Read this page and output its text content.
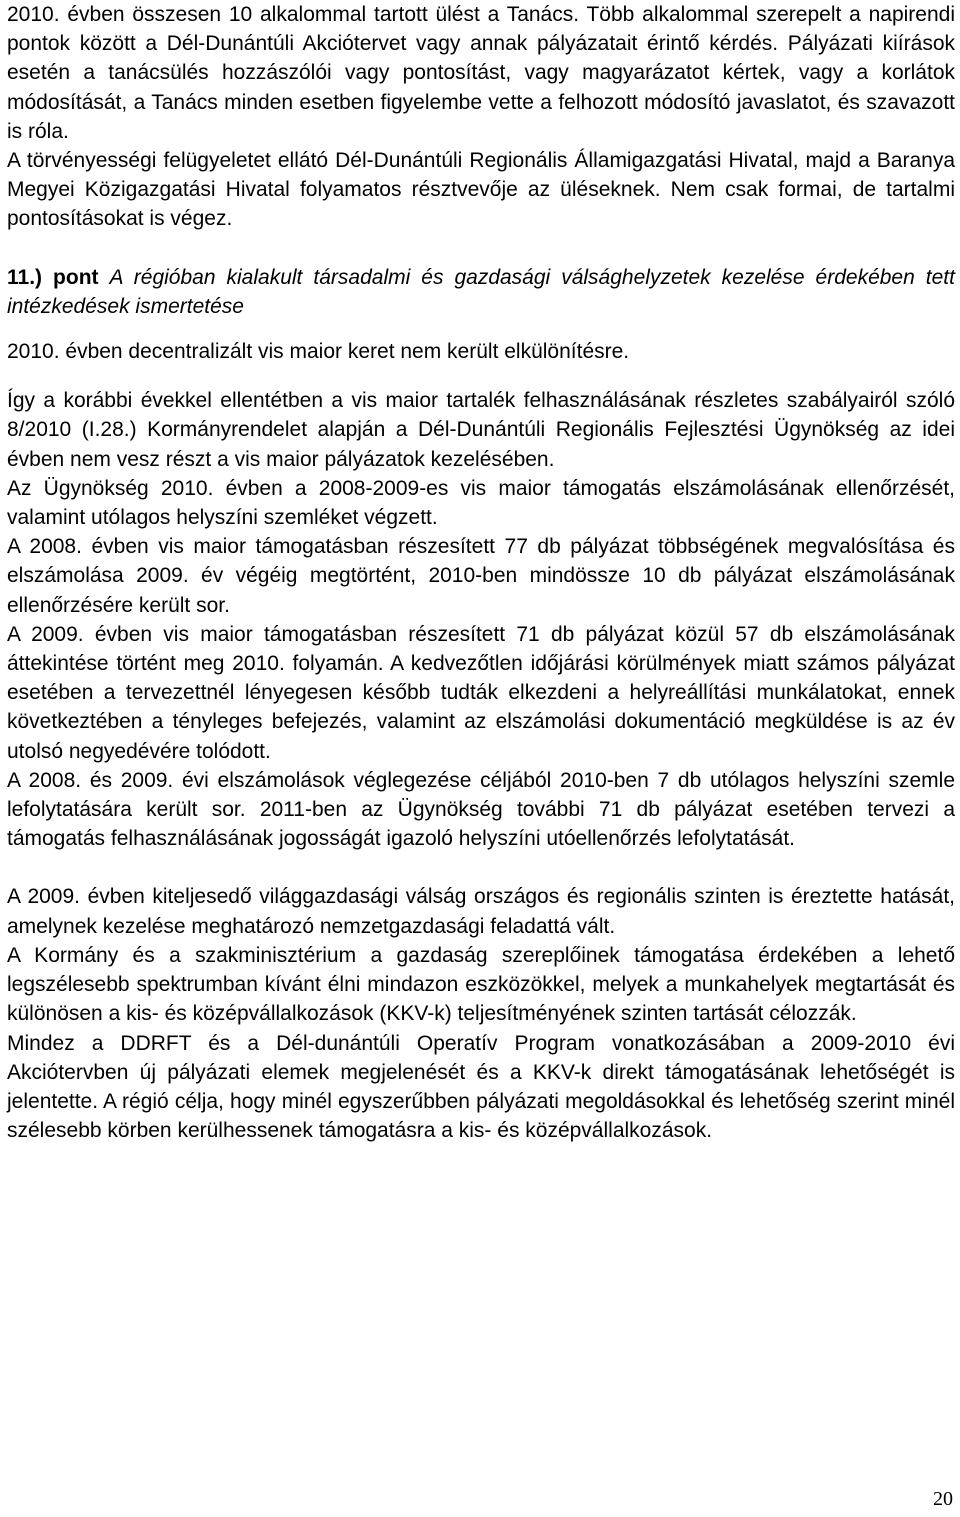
2010. évben összesen 10 alkalommal tartott ülést a Tanács. Több alkalommal szerepelt a napirendi pontok között a Dél-Dunántúli Akciótervet vagy annak pályázatait érintő kérdés. Pályázati kiírások esetén a tanácsülés hozzászólói vagy pontosítást, vagy magyarázatot kértek, vagy a korlátok módosítását, a Tanács minden esetben figyelembe vette a felhozott módosító javaslatot, és szavazott is róla.

A törvényességi felügyeletet ellátó Dél-Dunántúli Regionális Államigazgatási Hivatal, majd a Baranya Megyei Közigazgatási Hivatal folyamatos résztvevője az üléseknek. Nem csak formai, de tartalmi pontosításokat is végez.

11.) pont A régióban kialakult társadalmi és gazdasági válsághelyzetek kezelése érdekében tett intézkedések ismertetése

2010. évben decentralizált vis maior keret nem került elkülönítésre.

Így a korábbi évekkel ellentétben a vis maior tartalék felhasználásának részletes szabályairól szóló 8/2010 (I.28.) Kormányrendelet alapján a Dél-Dunántúli Regionális Fejlesztési Ügynökség az idei évben nem vesz részt a vis maior pályázatok kezelésében.

Az Ügynökség 2010. évben a 2008-2009-es vis maior támogatás elszámolásának ellenőrzését, valamint utólagos helyszíni szemléket végzett.

A 2008. évben vis maior támogatásban részesített 77 db pályázat többségének megvalósítása és elszámolása 2009. év végéig megtörtént, 2010-ben mindössze 10 db pályázat elszámolásának ellenőrzésére került sor.

A 2009. évben vis maior támogatásban részesített 71 db pályázat közül 57 db elszámolásának áttekintése történt meg 2010. folyamán. A kedvezőtlen időjárási körülmények miatt számos pályázat esetében a tervezettnél lényegesen később tudták elkezdeni a helyreállítási munkálatokat, ennek következtében a tényleges befejezés, valamint az elszámolási dokumentáció megküldése is az év utolsó negyedévére tolódott.

A 2008. és 2009. évi elszámolások véglegezése céljából 2010-ben 7 db utólagos helyszíni szemle lefolytatására került sor. 2011-ben az Ügynökség további 71 db pályázat esetében tervezi a támogatás felhasználásának jogosságát igazoló helyszíni utóellenőrzés lefolytatását.

A 2009. évben kiteljesedő világgazdasági válság országos és regionális szinten is éreztette hatását, amelynek kezelése meghatározó nemzetgazdasági feladattá vált.

A Kormány és a szakminisztérium a gazdaság szereplőinek támogatása érdekében a lehető legszélesebb spektrumban kívánt élni mindazon eszközökkel, melyek a munkahelyek megtartását és különösen a kis- és középvállalkozások (KKV-k) teljesítményének szinten tartását célozzák.

Mindez a DDRFT és a Dél-dunántúli Operatív Program vonatkozásában a 2009-2010 évi Akciótervben új pályázati elemek megjelenését és a KKV-k direkt támogatásának lehetőségét is jelentette. A régió célja, hogy minél egyszerűbben pályázati megoldásokkal és lehetőség szerint minél szélesebb körben kerülhessenek támogatásra a kis- és középvállalkozások.

20
